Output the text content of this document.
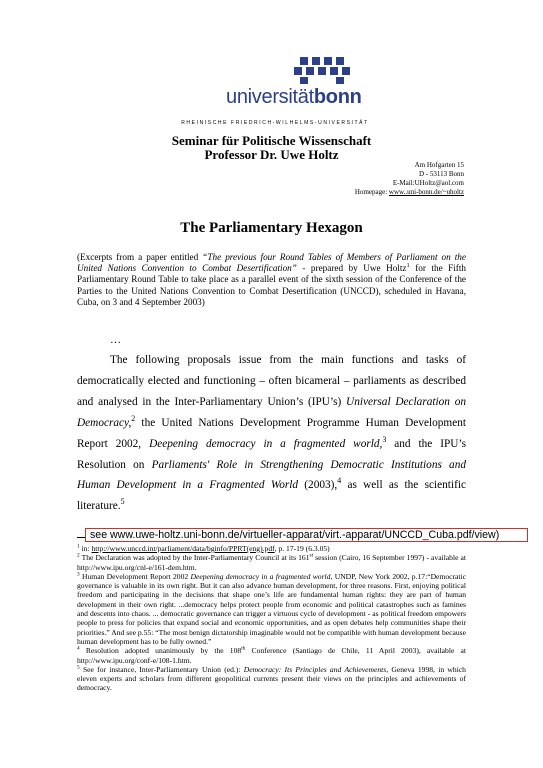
universitätbonn
RHEINISCHE FRIEDRICH-WILHELMS-UNIVERSITÄT
Seminar für Politische Wissenschaft
Professor Dr. Uwe Holtz
Am Hofgarten 15
D - 53113 Bonn
E-Mail:UHoltz@aol.com
Homepage: www..uni-bonn.de/~uholtz
The Parliamentary Hexagon
(Excerpts from a paper entitled “The previous four Round Tables of Members of Parliament on the United Nations Convention to Combat Desertification” - prepared by Uwe Holtz$^1$ for the Fifth Parliamentary Round Table to take place as a parallel event of the sixth session of the Conference of the Parties to the United Nations Convention to Combat Desertification (UNCCD), scheduled in Havana, Cuba, on 3 and 4 September 2003)
…
The following proposals issue from the main functions and tasks of democratically elected and functioning – often bicameral – parliaments as described and analysed in the Inter-Parliamentary Union’s (IPU’s) Universal Declaration on Democracy,$^2$ the United Nations Development Programme Human Development Report 2002, Deepening democracy in a fragmented world,$^3$ and the IPU’s Resolution on Parliaments' Role in Strengthening Democratic Institutions and Human Development in a Fragmented World (2003),$^4$ as well as the scientific literature.$^5$
see www.uwe-holtz.uni-bonn.de/virtueller-apparat/virt.-apparat/UNCCD_Cuba.pdf/view)

$^1$ in: http://www.unccd.int/parliament/data/bginfo/PPRT(eng).pdf, p. 17-19 (6.3.05)

$^2$ The Declaration was adopted by the Inter-Parliamentary Council at its 161st session (Cairo, 16 September 1997) - available at http://www.ipu.org/cnl-e/161-dem.htm.

$^3$ Human Development Report 2002 Deepening democracy in a fragmented world, UNDP, New York 2002, p.17:“Democratic governance is valuable in its own right. But it can also advance human development, for three reasons. First, enjoying political freedom and participating in the decisions that shape one’s life are fundamental human rights: they are part of human development in their own right. ...democracy helps protect people from economic and political catastrophes such as famines and descents into chaos. ... democratic governance can trigger a virtuous cycle of development - as political freedom empowers people to press for policies that expand social and economic opportunities, and as open debates help communities shape their priorities.” And see p.55: “The most benign dictatorship imaginable would not be compatible with human development because human development has to be fully owned.”

$^4$ Resolution adopted unanimously by the 108th Conference (Santiago de Chile, 11 April 2003), available at http://www.ipu.org/conf-e/108-1.htm.

$^5$ See for instance, Inter-Parliamentary Union (ed.): Democracy: Its Principles and Achievements, Geneva 1998, in which eleven experts and scholars from different geopolitical currents present their views on the principles and achievements of democracy.
